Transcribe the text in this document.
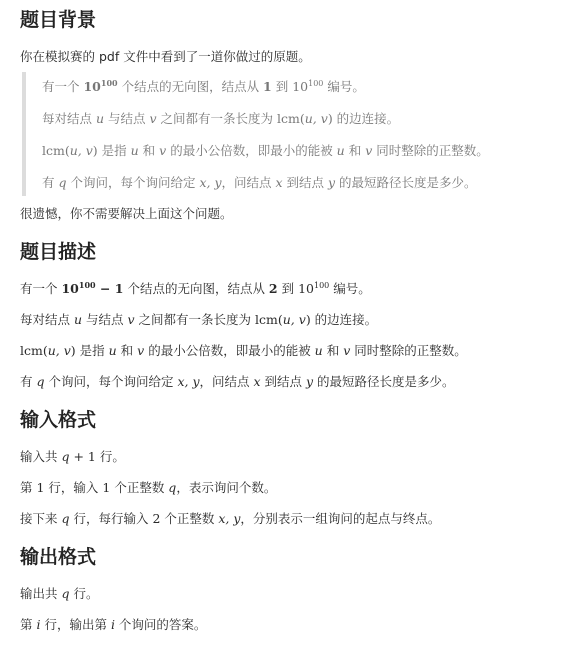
题目背景

你在模拟赛的 pdf 文件中看到了一道你做过的原题。

有一个 $10^{100}$ 个结点的无向图，结点从 1 到 $10^{100}$ 编号。

每对结点 u 与结点 v 之间都有一条长度为 lcm(u, v) 的边连接。

lcm(u, v) 是指 u 和 v 的最小公倍数，即最小的能被 u 和 v 同时整除的正整数。

有 q 个询问，每个询问给定 x, y，问结点 x 到结点 y 的最短路径长度是多少。

很遗憾，你不需要解决上面这个问题。

题目描述

有一个 $10^{100} - 1$ 个结点的无向图，结点从 2 到 $10^{100}$ 编号。

每对结点 u 与结点 v 之间都有一条长度为 lcm(u, v) 的边连接。

lcm(u, v) 是指 u 和 v 的最小公倍数，即最小的能被 u 和 v 同时整除的正整数。

有 q 个询问，每个询问给定 x, y，问结点 x 到结点 y 的最短路径长度是多少。

输入格式

输入共 q + 1 行。

第 1 行，输入 1 个正整数 q，表示询问个数。

接下来 q 行，每行输入 2 个正整数 x, y，分别表示一组询问的起点与终点。

输出格式

输出共 q 行。

第 i 行，输出第 i 个询问的答案。
